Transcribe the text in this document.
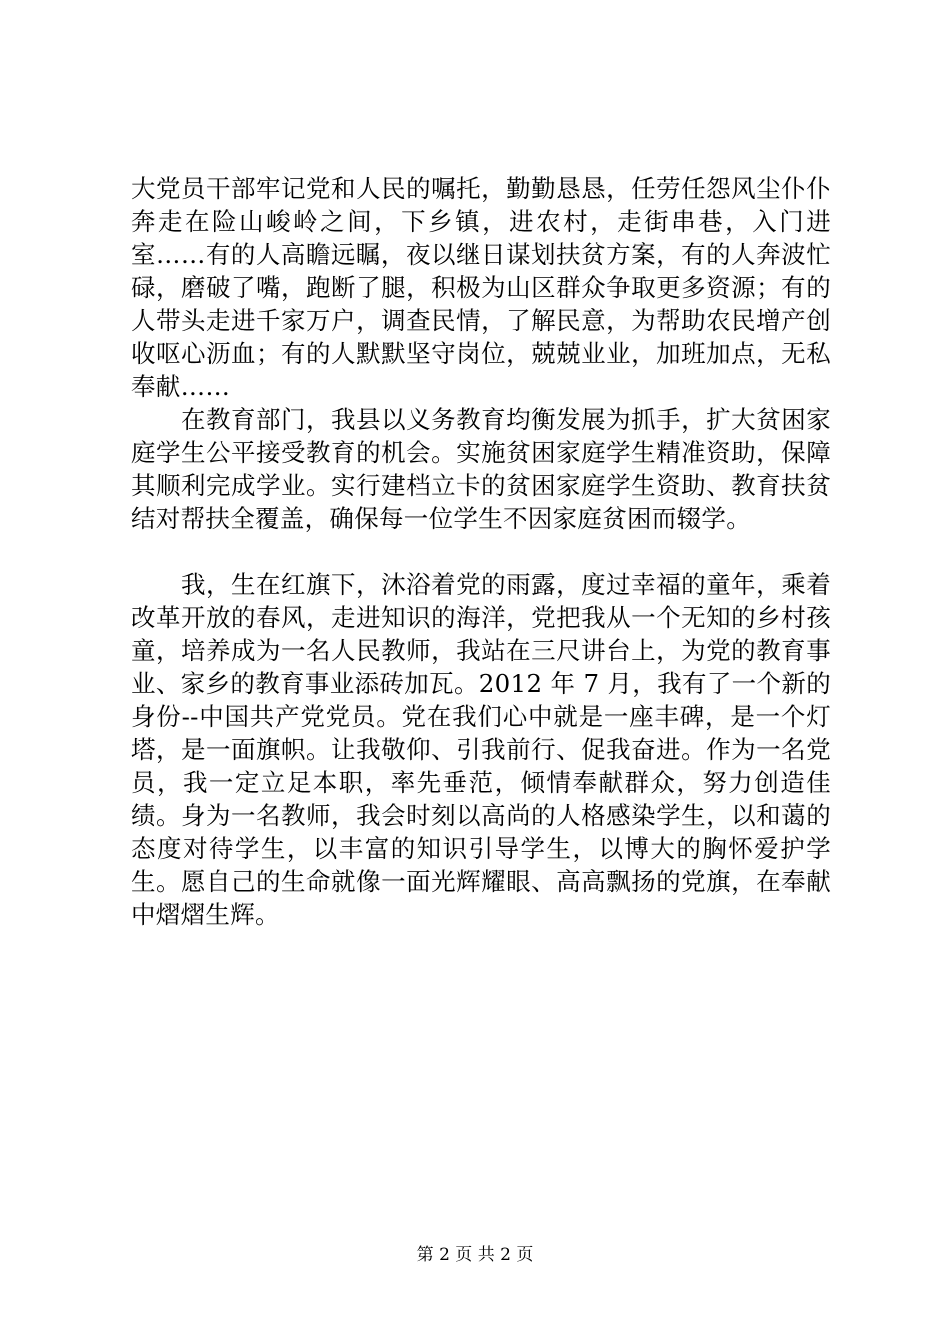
大党员干部牢记党和人民的嘱托，勤勤恳恳，任劳任怨风尘仆仆奔走在险山峻岭之间，下乡镇，进农村，走街串巷，入门进室……有的人高瞻远瞩，夜以继日谋划扶贫方案，有的人奔波忙碌，磨破了嘴，跑断了腿，积极为山区群众争取更多资源；有的人带头走进千家万户，调查民情，了解民意，为帮助农民增产创收呕心沥血；有的人默默坚守岗位，兢兢业业，加班加点，无私奉献……

在教育部门，我县以义务教育均衡发展为抓手，扩大贫困家庭学生公平接受教育的机会。实施贫困家庭学生精准资助，保障其顺利完成学业。实行建档立卡的贫困家庭学生资助、教育扶贫结对帮扶全覆盖，确保每一位学生不因家庭贫困而辍学。

我，生在红旗下，沐浴着党的雨露，度过幸福的童年，乘着改革开放的春风，走进知识的海洋，党把我从一个无知的乡村孩童，培养成为一名人民教师，我站在三尺讲台上，为党的教育事业、家乡的教育事业添砖加瓦。2012 年 7 月，我有了一个新的身份--中国共产党党员。党在我们心中就是一座丰碑，是一个灯塔，是一面旗帜。让我敬仰、引我前行、促我奋进。作为一名党员，我一定立足本职，率先垂范，倾情奉献群众，努力创造佳绩。身为一名教师，我会时刻以高尚的人格感染学生，以和蔼的态度对待学生，以丰富的知识引导学生，以博大的胸怀爱护学生。愿自己的生命就像一面光辉耀眼、高高飘扬的党旗，在奉献中熠熠生辉。

第 2 页 共 2 页
